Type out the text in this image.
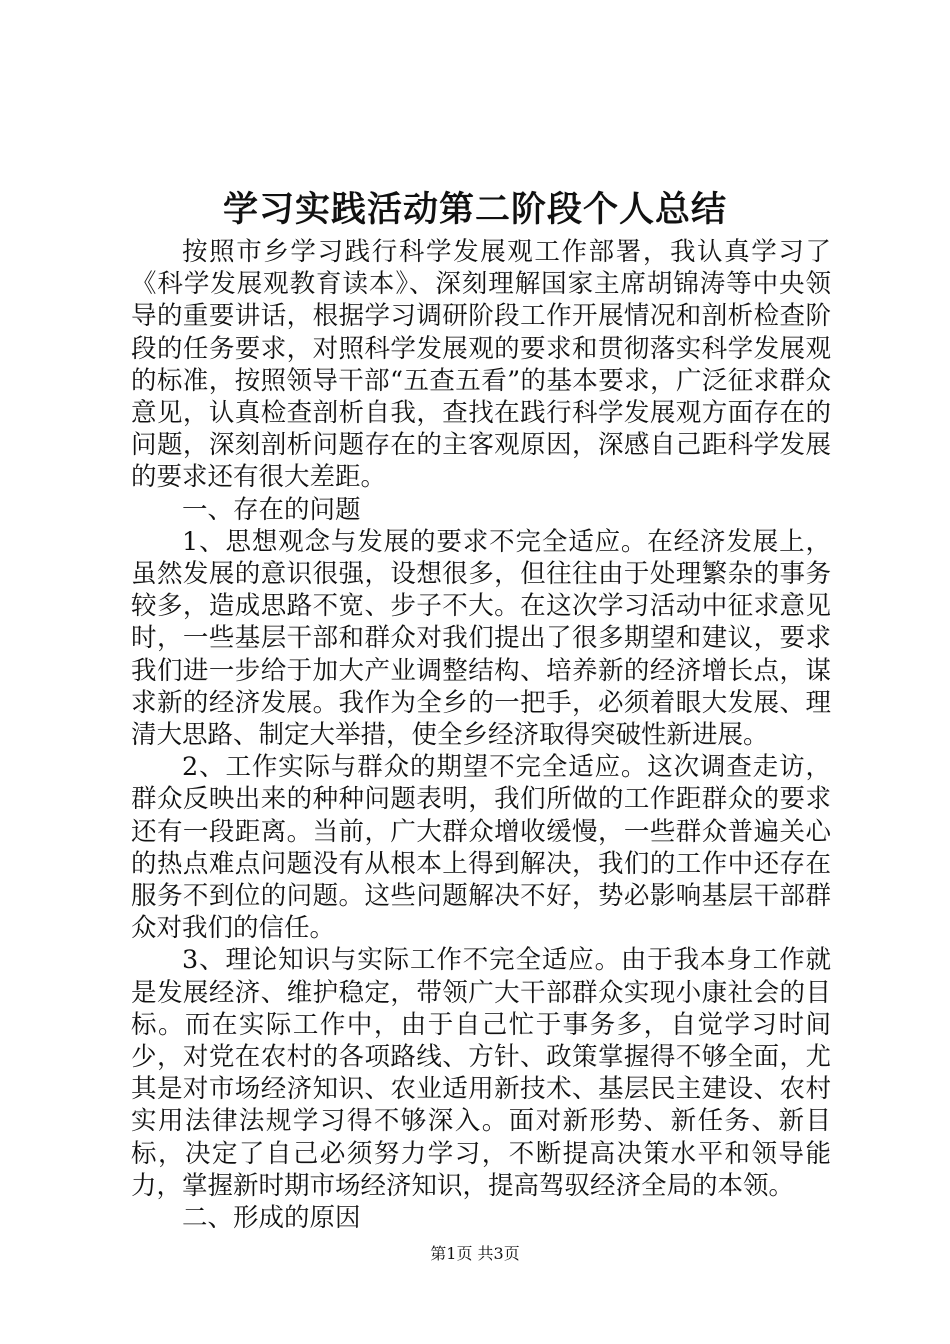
学习实践活动第二阶段个人总结

按照市乡学习践行科学发展观工作部署，我认真学习了《科学发展观教育读本》、深刻理解国家主席胡锦涛等中央领导的重要讲话，根据学习调研阶段工作开展情况和剖析检查阶段的任务要求，对照科学发展观的要求和贯彻落实科学发展观的标准，按照领导干部“五查五看”的基本要求，广泛征求群众意见，认真检查剖析自我，查找在践行科学发展观方面存在的问题，深刻剖析问题存在的主客观原因，深感自己距科学发展的要求还有很大差距。

一、存在的问题

1、思想观念与发展的要求不完全适应。在经济发展上，虽然发展的意识很强，设想很多，但往往由于处理繁杂的事务较多，造成思路不宽、步子不大。在这次学习活动中征求意见时，一些基层干部和群众对我们提出了很多期望和建议，要求我们进一步给于加大产业调整结构、培养新的经济增长点，谋求新的经济发展。我作为全乡的一把手，必须着眼大发展、理清大思路、制定大举措，使全乡经济取得突破性新进展。

2、工作实际与群众的期望不完全适应。这次调查走访，群众反映出来的种种问题表明，我们所做的工作距群众的要求还有一段距离。当前，广大群众增收缓慢，一些群众普遍关心的热点难点问题没有从根本上得到解决，我们的工作中还存在服务不到位的问题。这些问题解决不好，势必影响基层干部群众对我们的信任。

3、理论知识与实际工作不完全适应。由于我本身工作就是发展经济、维护稳定，带领广大干部群众实现小康社会的目标。而在实际工作中，由于自己忙于事务多，自觉学习时间少，对党在农村的各项路线、方针、政策掌握得不够全面，尤其是对市场经济知识、农业适用新技术、基层民主建设、农村实用法律法规学习得不够深入。面对新形势、新任务、新目标，决定了自己必须努力学习，不断提高决策水平和领导能力，掌握新时期市场经济知识，提高驾驭经济全局的本领。

二、形成的原因

第1页 共3页
